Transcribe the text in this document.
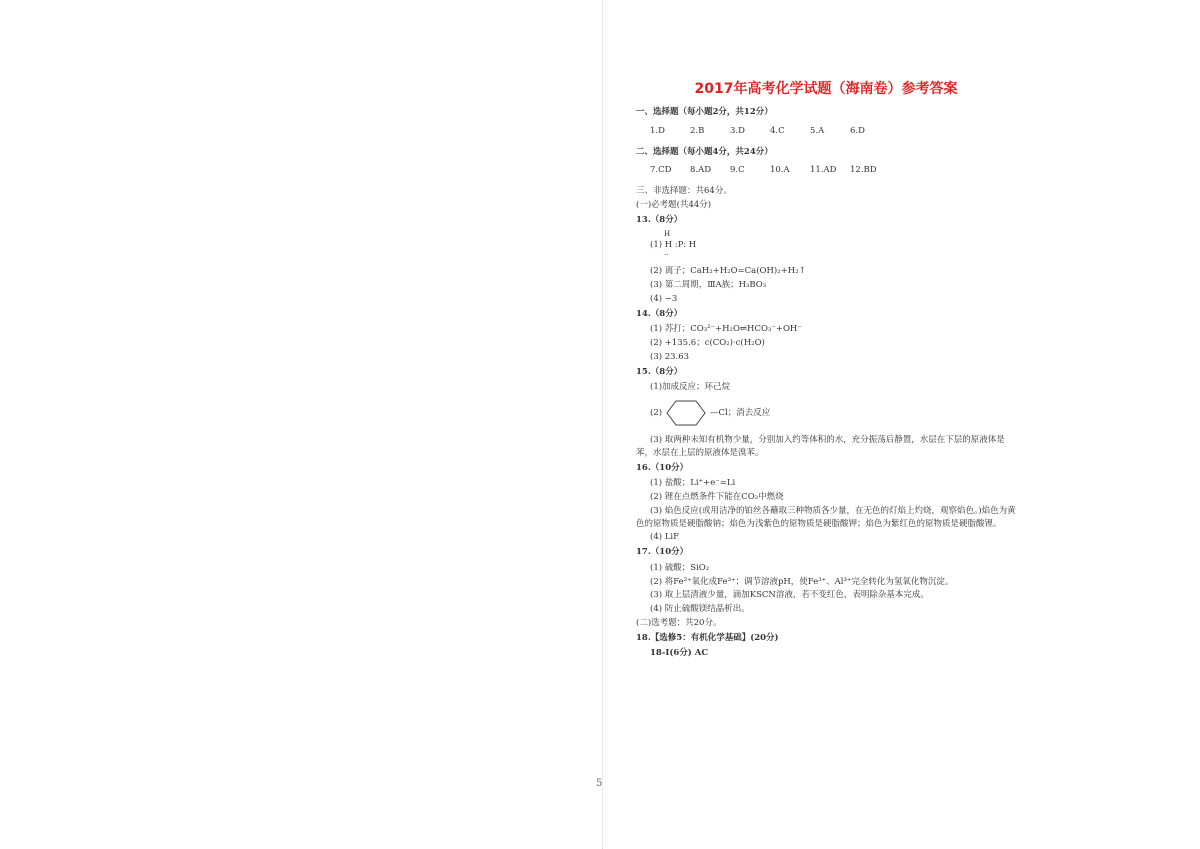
2017年高考化学试题（海南卷）参考答案
一、选择题（每小题2分，共12分）
1.D	2.B	3.D	4.C	5.A	6.D
二、选择题（每小题4分，共24分）
7.CD	8.AD	9.C	10.A	11.AD	12.BD
三、非选择题：共64分。
(一)必考题(共44分)
13.（8分）
H
(1) H :P: H
··
(2) 离子；CaH₂+H₂O=Ca(OH)₂+H₂↑
(3) 第二周期，ⅢA族；H₃BO₃
(4) −3
14.（8分）
(1) 苏打；CO₃²⁻+H₂O⇌HCO₃⁻+OH⁻
(2) +135.6；c(CO₂)·c(H₂O)
(3) 23.63
15.（8分）
(1)加成反应；环己烷
(2)	—Cl；消去反应
(3) 取两种未知有机物少量，分别加入约等体积的水，充分振荡后静置，水层在下层的原液体是苯，水层在上层的原液体是溴苯。
16.（10分）
(1) 盐酸；Li⁺+e⁻=Li
(2) 锂在点燃条件下能在CO₂中燃烧
(3) 焰色反应(或用洁净的铂丝各蘸取三种物质各少量，在无色的灯焰上灼烧，观察焰色。)焰色为黄色的原物质是硬脂酸钠；焰色为浅紫色的原物质是硬脂酸钾；焰色为紫红色的原物质是硬脂酸锂。
(4) LiF
17.（10分）
(1) 硫酸；SiO₂
(2) 将Fe²⁺氧化成Fe³⁺；调节溶液pH，使Fe³⁺、Al³⁺完全转化为氢氧化物沉淀。
(3) 取上层清液少量，滴加KSCN溶液，若不变红色，表明除杂基本完成。
(4) 防止硫酸镁结晶析出。
(二)选考题：共20分。
18.【选修5：有机化学基础】(20分)
18-Ⅰ(6分) AC
5
